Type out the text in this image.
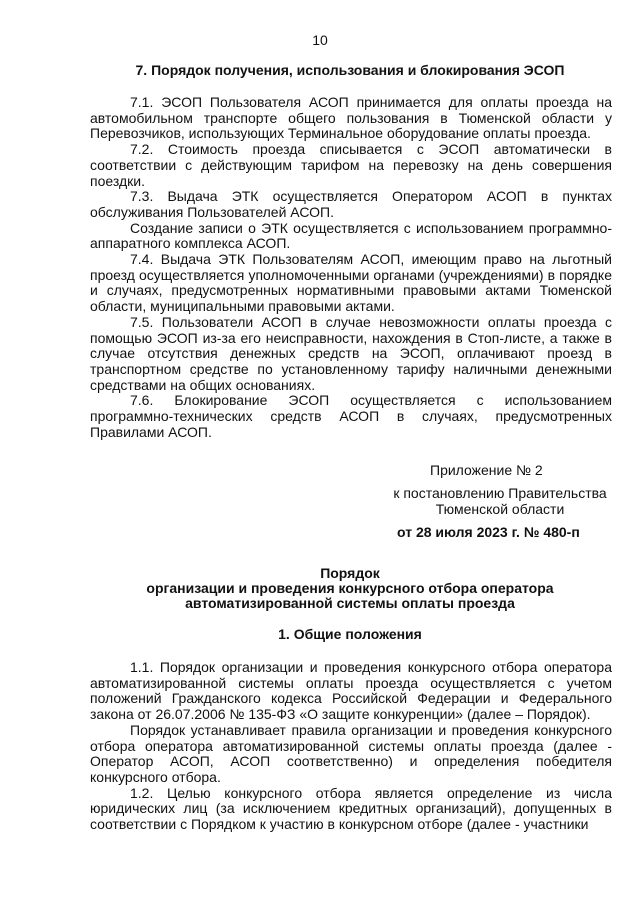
10
7. Порядок получения, использования и блокирования ЭСОП

7.1. ЭСОП Пользователя АСОП принимается для оплаты проезда на автомобильном транспорте общего пользования в Тюменской области у Перевозчиков, использующих Терминальное оборудование оплаты проезда.

7.2. Стоимость проезда списывается с ЭСОП автоматически в соответствии с действующим тарифом на перевозку на день совершения поездки.

7.3. Выдача ЭТК осуществляется Оператором АСОП в пунктах обслуживания Пользователей АСОП.

Создание записи о ЭТК осуществляется с использованием программно-аппаратного комплекса АСОП.

7.4. Выдача ЭТК Пользователям АСОП, имеющим право на льготный проезд осуществляется уполномоченными органами (учреждениями) в порядке и случаях, предусмотренных нормативными правовыми актами Тюменской области, муниципальными правовыми актами.

7.5. Пользователи АСОП в случае невозможности оплаты проезда с помощью ЭСОП из-за его неисправности, нахождения в Стоп-листе, а также в случае отсутствия денежных средств на ЭСОП, оплачивают проезд в транспортном средстве по установленному тарифу наличными денежными средствами на общих основаниях.

7.6. Блокирование ЭСОП осуществляется с использованием программно-технических средств АСОП в случаях, предусмотренных Правилами АСОП.

Приложение № 2
к постановлению Правительства
Тюменской области
от 28 июля 2023 г. № 480-п
Порядок
организации и проведения конкурсного отбора оператора
автоматизированной системы оплаты проезда
1. Общие положения

1.1. Порядок организации и проведения конкурсного отбора оператора автоматизированной системы оплаты проезда осуществляется с учетом положений Гражданского кодекса Российской Федерации и Федерального закона от 26.07.2006 № 135-ФЗ «О защите конкуренции» (далее – Порядок).

Порядок устанавливает правила организации и проведения конкурсного отбора оператора автоматизированной системы оплаты проезда (далее - Оператор АСОП, АСОП соответственно) и определения победителя конкурсного отбора.

1.2. Целью конкурсного отбора является определение из числа юридических лиц (за исключением кредитных организаций), допущенных в соответствии с Порядком к участию в конкурсном отборе (далее - участники
